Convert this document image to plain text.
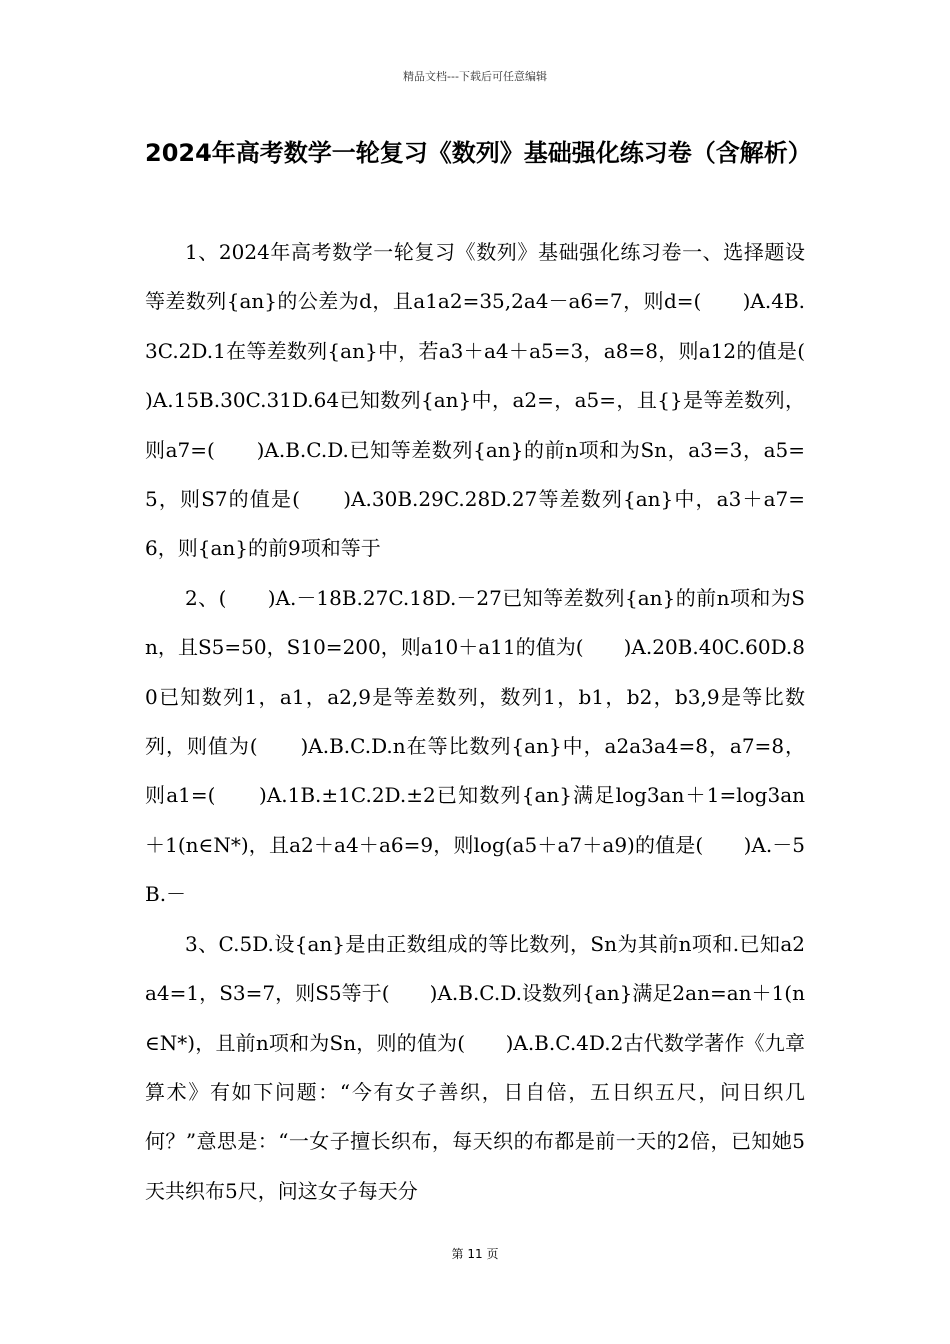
精品文档---下载后可任意编辑
2024年高考数学一轮复习《数列》基础强化练习卷（含解析）

1、2024年高考数学一轮复习《数列》基础强化练习卷一、选择题设等差数列{an}的公差为d，且a1a2=35,2a4－a6=7，则d=(　　)A.4B.3C.2D.1在等差数列{an}中，若a3＋a4＋a5=3，a8=8，则a12的值是(　　)A.15B.30C.31D.64已知数列{an}中，a2=，a5=，且{}是等差数列，则a7=(　　)A.B.C.D.已知等差数列{an}的前n项和为Sn，a3=3，a5=5，则S7的值是(　　)A.30B.29C.28D.27等差数列{an}中，a3＋a7=6，则{an}的前9项和等于

2、(　　)A.－18B.27C.18D.－27已知等差数列{an}的前n项和为Sn，且S5=50，S10=200，则a10＋a11的值为(　　)A.20B.40C.60D.80已知数列1，a1，a2,9是等差数列，数列1，b1，b2，b3,9是等比数列，则值为(　　)A.B.C.D.n在等比数列{an}中，a2a3a4=8，a7=8，则a1=(　　)A.1B.±1C.2D.±2已知数列{an}满足log3an＋1=log3an＋1(n∈N*)，且a2＋a4＋a6=9，则log(a5＋a7＋a9)的值是(　　)A.－5B.－

3、C.5D.设{an}是由正数组成的等比数列，Sn为其前n项和.已知a2a4=1，S3=7，则S5等于(　　)A.B.C.D.设数列{an}满足2an=an＋1(n∈N*)，且前n项和为Sn，则的值为(　　)A.B.C.4D.2古代数学著作《九章算术》有如下问题：“今有女子善织，日自倍，五日织五尺，问日织几何？”意思是：“一女子擅长织布，每天织的布都是前一天的2倍，已知她5天共织布5尺，问这女子每天分

第 11 页
